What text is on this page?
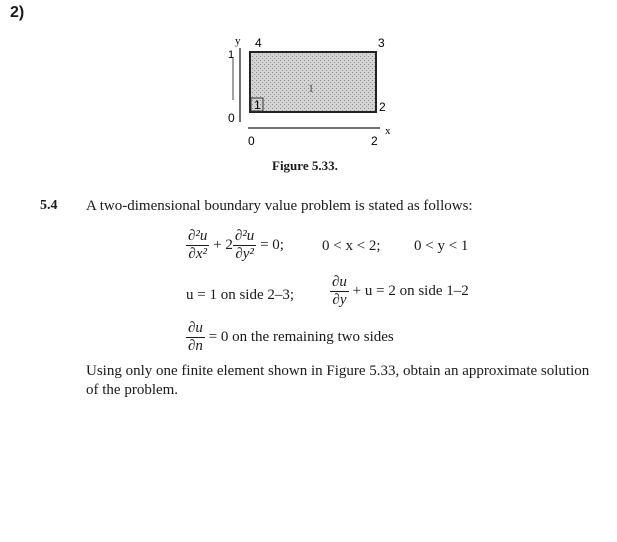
2)
1
y 4	3
2
1
1
0
0	2
x
Figure 5.33.
5.4 A two-dimensional boundary value problem is stated as follows:
$\frac{\text{∂²u}}{\text{∂x²}} + 2 \frac{\text{∂²u}}{\text{∂y²}} = 0$;	0 < x < 2; 0 < y < 1
u = 1 on side 2–3; $\frac{\partial u}{\partial y} + u = 2$ on side 1–2
$\frac{\partial u}{\partial n} = 0$ on the remaining two sides
Using only one finite element shown in Figure 5.33, obtain an approximate solution of the problem.
